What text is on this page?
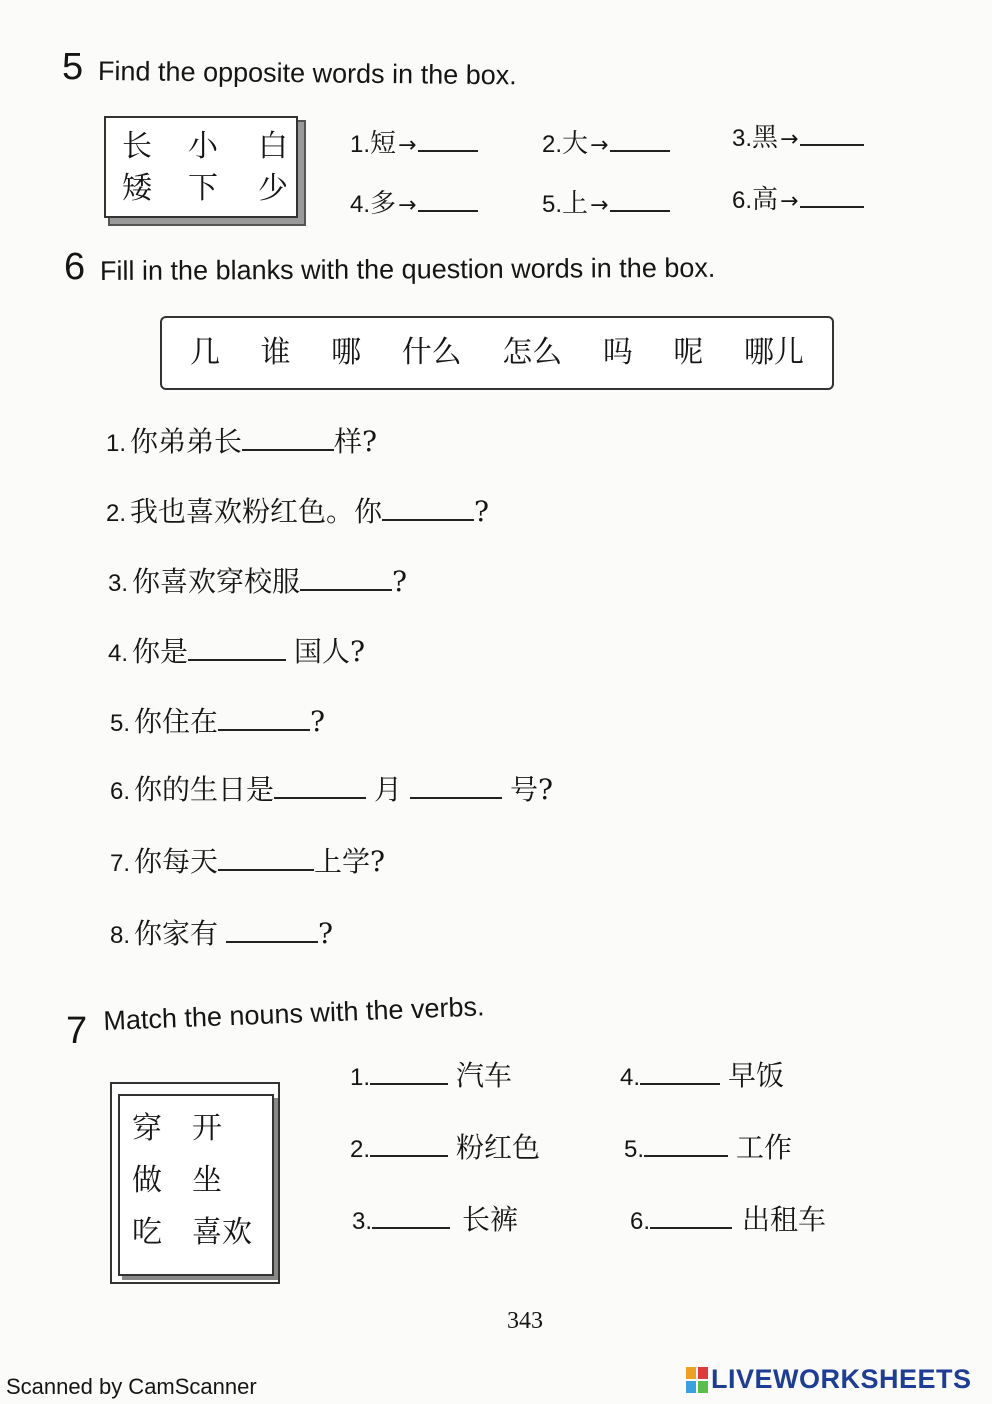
5 Find the opposite words in the box.
长 小 白
矮 下 少
1.短→	2.大→	3.黑→
4.多→	5.上→	6.高→
6 Fill in the blanks with the question words in the box.
几 谁 哪 什么 怎么 吗 呢 哪儿
1. 你弟弟长	样?
2. 我也喜欢粉红色。你	?
3. 你喜欢穿校服	?
4. 你是	国人?
5. 你住在	?
6. 你的生日是	月	号?
7. 你每天	上学?
8. 你家有	?
7 Match the nouns with the verbs.
穿 开
做 坐
吃 喜欢
1.	汽车
2.	粉红色
3.	长裤
4.	早饭
5.	工作
6.	出租车
343
Scanned by CamScanner	LIVEWORKSHEETS
